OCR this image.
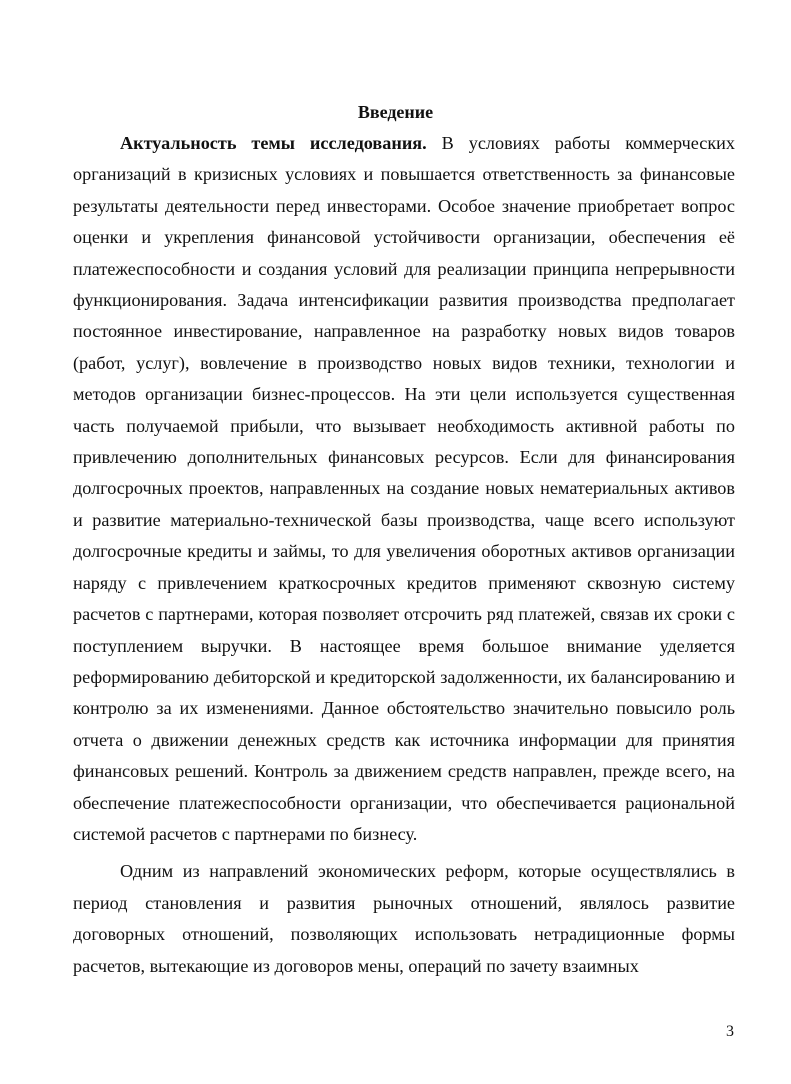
Введение

Актуальность темы исследования. В условиях работы коммерческих организаций в кризисных условиях и повышается ответственность за финансовые результаты деятельности перед инвесторами. Особое значение приобретает вопрос оценки и укрепления финансовой устойчивости организации, обеспечения её платежеспособности и создания условий для реализации принципа непрерывности функционирования. Задача интенсификации развития производства предполагает постоянное инвестирование, направленное на разработку новых видов товаров (работ, услуг), вовлечение в производство новых видов техники, технологии и методов организации бизнес-процессов. На эти цели используется существенная часть получаемой прибыли, что вызывает необходимость активной работы по привлечению дополнительных финансовых ресурсов. Если для финансирования долгосрочных проектов, направленных на создание новых нематериальных активов и развитие материально-технической базы производства, чаще всего используют долгосрочные кредиты и займы, то для увеличения оборотных активов организации наряду с привлечением краткосрочных кредитов применяют сквозную систему расчетов с партнерами, которая позволяет отсрочить ряд платежей, связав их сроки с поступлением выручки. В настоящее время большое внимание уделяется реформированию дебиторской и кредиторской задолженности, их балансированию и контролю за их изменениями. Данное обстоятельство значительно повысило роль отчета о движении денежных средств как источника информации для принятия финансовых решений. Контроль за движением средств направлен, прежде всего, на обеспечение платежеспособности организации, что обеспечивается рациональной системой расчетов с партнерами по бизнесу.

Одним из направлений экономических реформ, которые осуществлялись в период становления и развития рыночных отношений, являлось развитие договорных отношений, позволяющих использовать нетрадиционные формы расчетов, вытекающие из договоров мены, операций по зачету взаимных

3
